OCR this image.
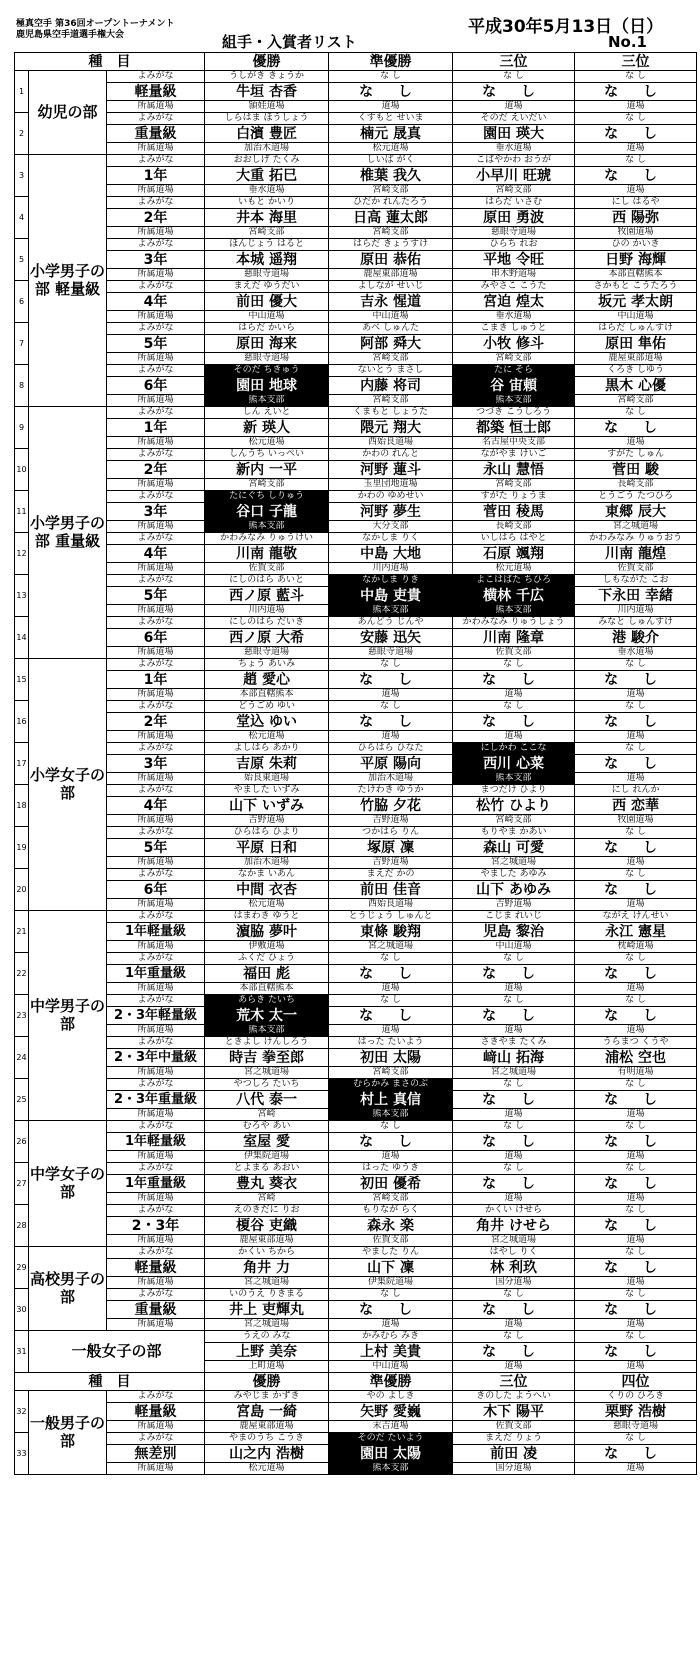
極真空手 第36回オープントーナメント
鹿児島県空手道選手権大会	組手・入賞者リスト
平成30年5月13日（日）
No.1
種　目			優勝	準優勝	三位	三位
1	幼児の部	よみがな	うしがき きょうか	な し	な し	な し
		軽量級	牛垣 杏香	な し	な し	な し
		所属道場	頴娃道場	道場	道場	道場
2		よみがな	しらはま ほうしょう	くすもと せいま	そのだ えいだい	な し
		重量級	白濱 豊匠	楠元 晟真	園田 瑛大	な し
		所属道場	加治木道場	松元道場	垂水道場	道場
3	小学男子の部 軽量級	よみがな	おおしげ たくみ	しいば がく	こばやかわ おうが	な し
		1年	大重 拓巳	椎葉 我久	小早川 旺琥	な し
		所属道場	垂水道場	宮崎支部	宮崎支部	道場
4		よみがな	いもと かいり	ひだか れんたろう	はらだ いさむ	にし はるや
		2年	井本 海里	日高 蓮太郎	原田 勇波	西 陽弥
		所属道場	宮崎支部	宮崎支部	慈眼寺道場	牧園道場
5		よみがな	ほんじょう はると	はらだ きょうすけ	ひらち れお	ひの かいき
		3年	本城 遥翔	原田 恭佑	平地 令旺	日野 海輝
		所属道場	慈眼寺道場	鹿屋東部道場	串木野道場	本部直轄熊本
6		よみがな	まえだ ゆうだい	よしなが せいじ	みやさこ こうた	さかもと こうたろう
		4年	前田 優大	吉永 惺道	宮迫 煌太	坂元 孝太朗
		所属道場	中山道場	中山道場	垂水道場	中山道場
7		よみがな	はらだ かいら	あべ しゅんた	こまき しゅうと	はらだ しゅんすけ
		5年	原田 海来	阿部 舜大	小牧 修斗	原田 隼佑
		所属道場	慈眼寺道場	宮崎支部	宮崎支部	鹿屋東部道場
8		よみがな	そのだ ちきゅう	ないとう まさし	たに そら	くろき しゆう
		6年	園田 地球	内藤 将司	谷 宙頼	黒木 心優
		所属道場	熊本支部	宮崎支部	熊本支部	宮崎支部
9	小学男子の部 重量級	よみがな	しん えいと	くまもと しょうた	つづき こうしろう	な し
		1年	新 瑛人	隈元 翔大	都築 恒士郎	な し
		所属道場	松元道場	西始良道場	名古屋中央支部	道場
10		よみがな	しんうち いっぺい	かわの れんと	ながやま けいご	すがた しゅん
		2年	新内 一平	河野 蓮斗	永山 慧悟	菅田 駿
		所属道場	宮崎支部	玉里団地道場	宮崎支部	長崎支部
11		よみがな	たにぐち しりゅう	かわの ゆめせい	すがた りょうま	とうごう たつひろ
		3年	谷口 子龍	河野 夢生	菅田 稜馬	東郷 辰大
		所属道場	熊本支部	大分支部	長崎支部	宮之城道場
12		よみがな	かわみなみ りゅうけい	なかしま りく	いしはら はやと	かわみなみ りゅうおう
		4年	川南 龍敬	中島 大地	石原 颯翔	川南 龍煌
		所属道場	佐賀支部	川内道場	松元道場	佐賀支部
13		よみがな	にしのはら あいと	なかしま りき	よこはばた ちひろ	しもながた こお
		5年	西ノ原 藍斗	中島 吏貴	横林 千広	下永田 幸緒
		所属道場	川内道場	熊本支部	熊本支部	川内道場
14		よみがな	にしのはら だいき	あんどう じんや	かわみなみ りゅうしょう	みなと しゅんすけ
		6年	西ノ原 大希	安藤 迅矢	川南 隆章	港 駿介
		所属道場	慈眼寺道場	慈眼寺道場	佐賀支部	垂水道場
15	小学女子の部	よみがな	ちょう あいみ	な し	な し	な し
		1年	趙 愛心	な し	な し	な し
		所属道場	本部直轄熊本	道場	道場	道場
16		よみがな	どうごめ ゆい	な し	な し	な し
		2年	堂込 ゆい	な し	な し	な し
		所属道場	松元道場	道場	道場	道場
17		よみがな	よしはら あかり	ひらはら ひなた	にしかわ ここな	な し
		3年	吉原 朱莉	平原 陽向	西川 心菜	な し
		所属道場	始良東道場	加治木道場	熊本支部	道場
18		よみがな	やました いずみ	たけわき ゆうか	まつだけ ひより	にし れんか
		4年	山下 いずみ	竹脇 夕花	松竹 ひより	西 恋華
		所属道場	吉野道場	吉野道場	宮崎支部	牧園道場
19		よみがな	ひらはら ひより	つかはら りん	もりやま かあい	な し
		5年	平原 日和	塚原 凜	森山 可愛	な し
		所属道場	加治木道場	吉野道場	宮之城道場	道場
20		よみがな	なかま いあん	まえだ かの	やました あゆみ	な し
		6年	中間 衣杏	前田 佳音	山下 あゆみ	な し
		所属道場	松元道場	西始良道場	吉野道場	道場
21	中学男子の部	よみがな	はまわき ゆうと	とうじょう しゅんと	こじま れいじ	ながえ けんせい
		1年軽量級	濵脇 夢叶	東條 駿翔	児島 黎治	永江 憲星
		所属道場	伊敷道場	宮之城道場	中山道場	枕崎道場
22		よみがな	ふくだ ひょう	な し	な し	な し
		1年重量級	福田 彪	な し	な し	な し
		所属道場	本部直轄熊本	道場	道場	道場
23		よみがな	あらき たいち	な し	な し	な し
		2・3年軽量級	荒木 太一	な し	な し	な し
		所属道場	熊本支部	道場	道場	道場
24		よみがな	ときよし けんしろう	はった たいよう	さきやま たくみ	うらまつ くうや
		2・3年中量級	時吉 拳至郎	初田 太陽	﨑山 拓海	浦松 空也
		所属道場	宮之城道場	宮崎支部	宮之城道場	有明道場
25		よみがな	やつしろ たいち	むらかみ まさのぶ	な し	な し
		2・3年重量級	八代 泰一	村上 真信	な し	な し
		所属道場	宮崎	熊本支部	道場	道場
26	中学女子の部	よみがな	むろや あい	な し	な し	な し
		1年軽量級	室屋 愛	な し	な し	な し
		所属道場	伊集院道場	道場	道場	道場
27		よみがな	とよまる あおい	はった ゆうき	な し	な し
		1年重量級	豊丸 葵衣	初田 優希	な し	な し
		所属道場	宮崎	宮崎支部	道場	道場
28		よみがな	えのきだに りお	もりなが らく	かくい けせら	な し
		2・3年	榎谷 吏織	森永 楽	角井 けせら	な し
		所属道場	鹿屋東部道場	佐賀支部	宮之城道場	道場
29	高校男子の部	よみがな	かくい ちから	やました りん	はやし りく	な し
		軽量級	角井 力	山下 凜	林 利玖	な し
		所属道場	宮之城道場	伊集院道場	国分道場	道場
30		よみがな	いのうえ りきまる	な し	な し	な し
		重量級	井上 吏輝丸	な し	な し	な し
		所属道場	宮之城道場	道場	道場	道場
31	一般女子の部		うえの みな	かみむら みき	な し	な し
			上野 美奈	上村 美貴	な し	な し
			上町道場	中山道場	道場	道場
種　目			優勝	準優勝	三位	四位
32	一般男子の部	よみがな	みやじま かずき	やの よしき	きのした ようへい	くりの ひろき
		軽量級	宮島 一綺	矢野 愛巍	木下 陽平	栗野 浩樹
		所属道場	鹿屋東部道場	末吉道場	佐賀支部	慈眼寺道場
33		よみがな	やまのうち こうき	そのだ たいよう	まえだ りょう	な し
		無差別	山之内 浩樹	園田 太陽	前田 凌	な し
		所属道場	松元道場	熊本支部	国分道場	道場
